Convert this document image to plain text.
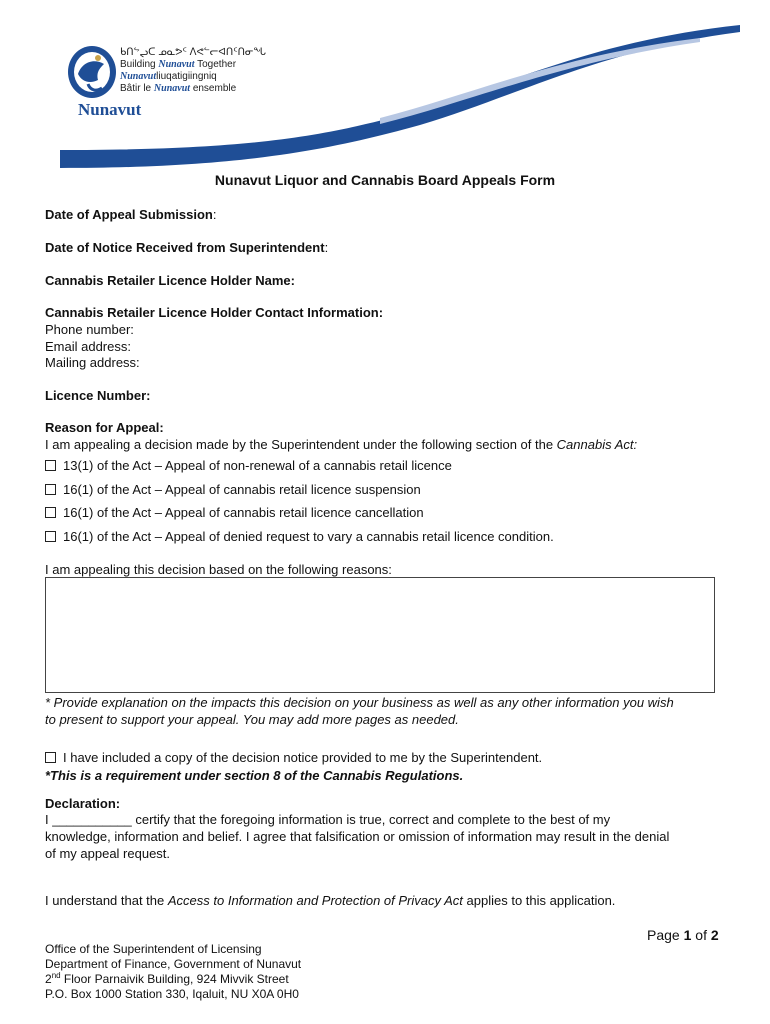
Nunavut
ᑲᑎᖦᖢᑕ ᓄᓇᕗᑦ ᐱᕙᓪᓕᐊᑎᑦᑎᓂᖓ
Building Nunavut Together
Nunavutliuqatigiingniq
Bâtir le Nunavut ensemble
Nunavut Liquor and Cannabis Board Appeals Form
Date of Appeal Submission:
Date of Notice Received from Superintendent:
Cannabis Retailer Licence Holder Name:
Cannabis Retailer Licence Holder Contact Information:
Phone number:
Email address:
Mailing address:
Licence Number:
Reason for Appeal:
I am appealing a decision made by the Superintendent under the following section of the Cannabis Act:
13(1) of the Act – Appeal of non-renewal of a cannabis retail licence
16(1) of the Act – Appeal of cannabis retail licence suspension
16(1) of the Act – Appeal of cannabis retail licence cancellation
16(1) of the Act – Appeal of denied request to vary a cannabis retail licence condition.
I am appealing this decision based on the following reasons:
* Provide explanation on the impacts this decision on your business as well as any other information you wish
to present to support your appeal. You may add more pages as needed.
I have included a copy of the decision notice provided to me by the Superintendent.
*This is a requirement under section 8 of the Cannabis Regulations.
Declaration:
I ___________ certify that the foregoing information is true, correct and complete to the best of my
knowledge, information and belief. I agree that falsification or omission of information may result in the denial
of my appeal request.
I understand that the Access to Information and Protection of Privacy Act applies to this application.
Page 1 of 2
Office of the Superintendent of Licensing
Department of Finance, Government of Nunavut
2nd Floor Parnaivik Building, 924 Mivvik Street
P.O. Box 1000 Station 330, Iqaluit, NU X0A 0H0
